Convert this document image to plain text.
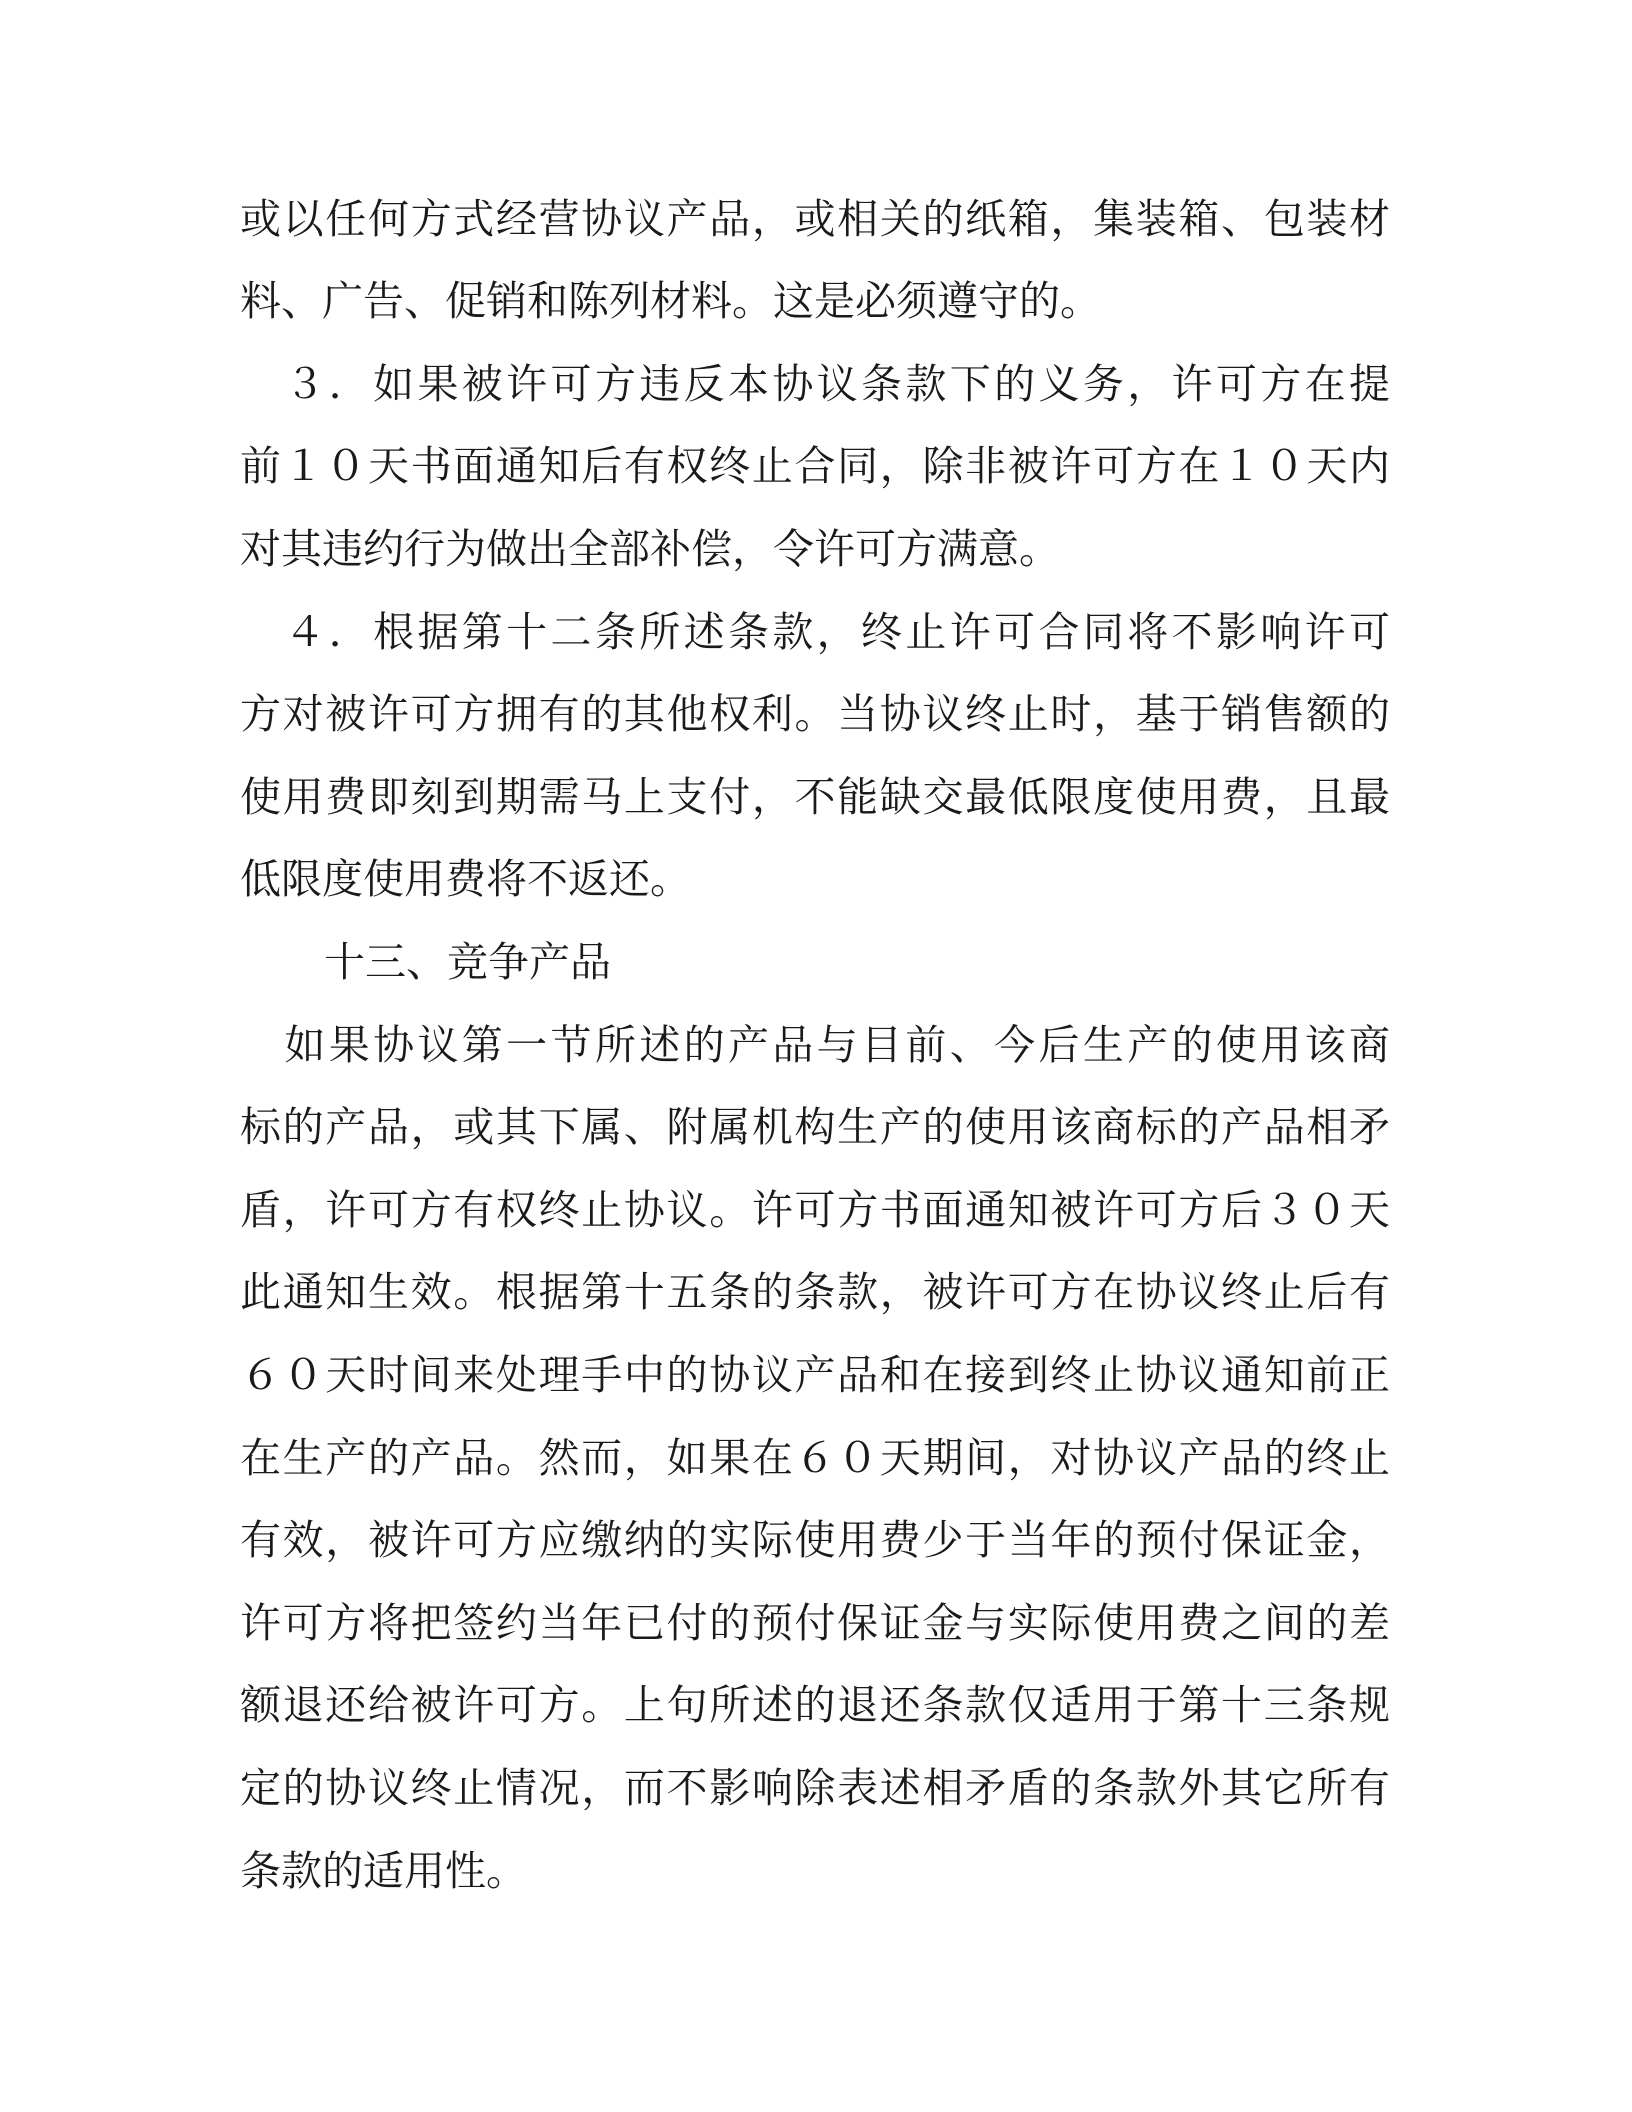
或以任何方式经营协议产品，或相关的纸箱，集装箱、包装材
料、广告、促销和陈列材料。这是必须遵守的。
　３．如果被许可方违反本协议条款下的义务，许可方在提
前１０天书面通知后有权终止合同，除非被许可方在１０天内
对其违约行为做出全部补偿，令许可方满意。
　４．根据第十二条所述条款，终止许可合同将不影响许可
方对被许可方拥有的其他权利。当协议终止时，基于销售额的
使用费即刻到期需马上支付，不能缺交最低限度使用费，且最
低限度使用费将不返还。
十三、竞争产品
　如果协议第一节所述的产品与目前、今后生产的使用该商
标的产品，或其下属、附属机构生产的使用该商标的产品相矛
盾，许可方有权终止协议。许可方书面通知被许可方后３０天
此通知生效。根据第十五条的条款，被许可方在协议终止后有
６０天时间来处理手中的协议产品和在接到终止协议通知前正
在生产的产品。然而，如果在６０天期间，对协议产品的终止
有效，被许可方应缴纳的实际使用费少于当年的预付保证金，
许可方将把签约当年已付的预付保证金与实际使用费之间的差
额退还给被许可方。上句所述的退还条款仅适用于第十三条规
定的协议终止情况，而不影响除表述相矛盾的条款外其它所有
条款的适用性。
